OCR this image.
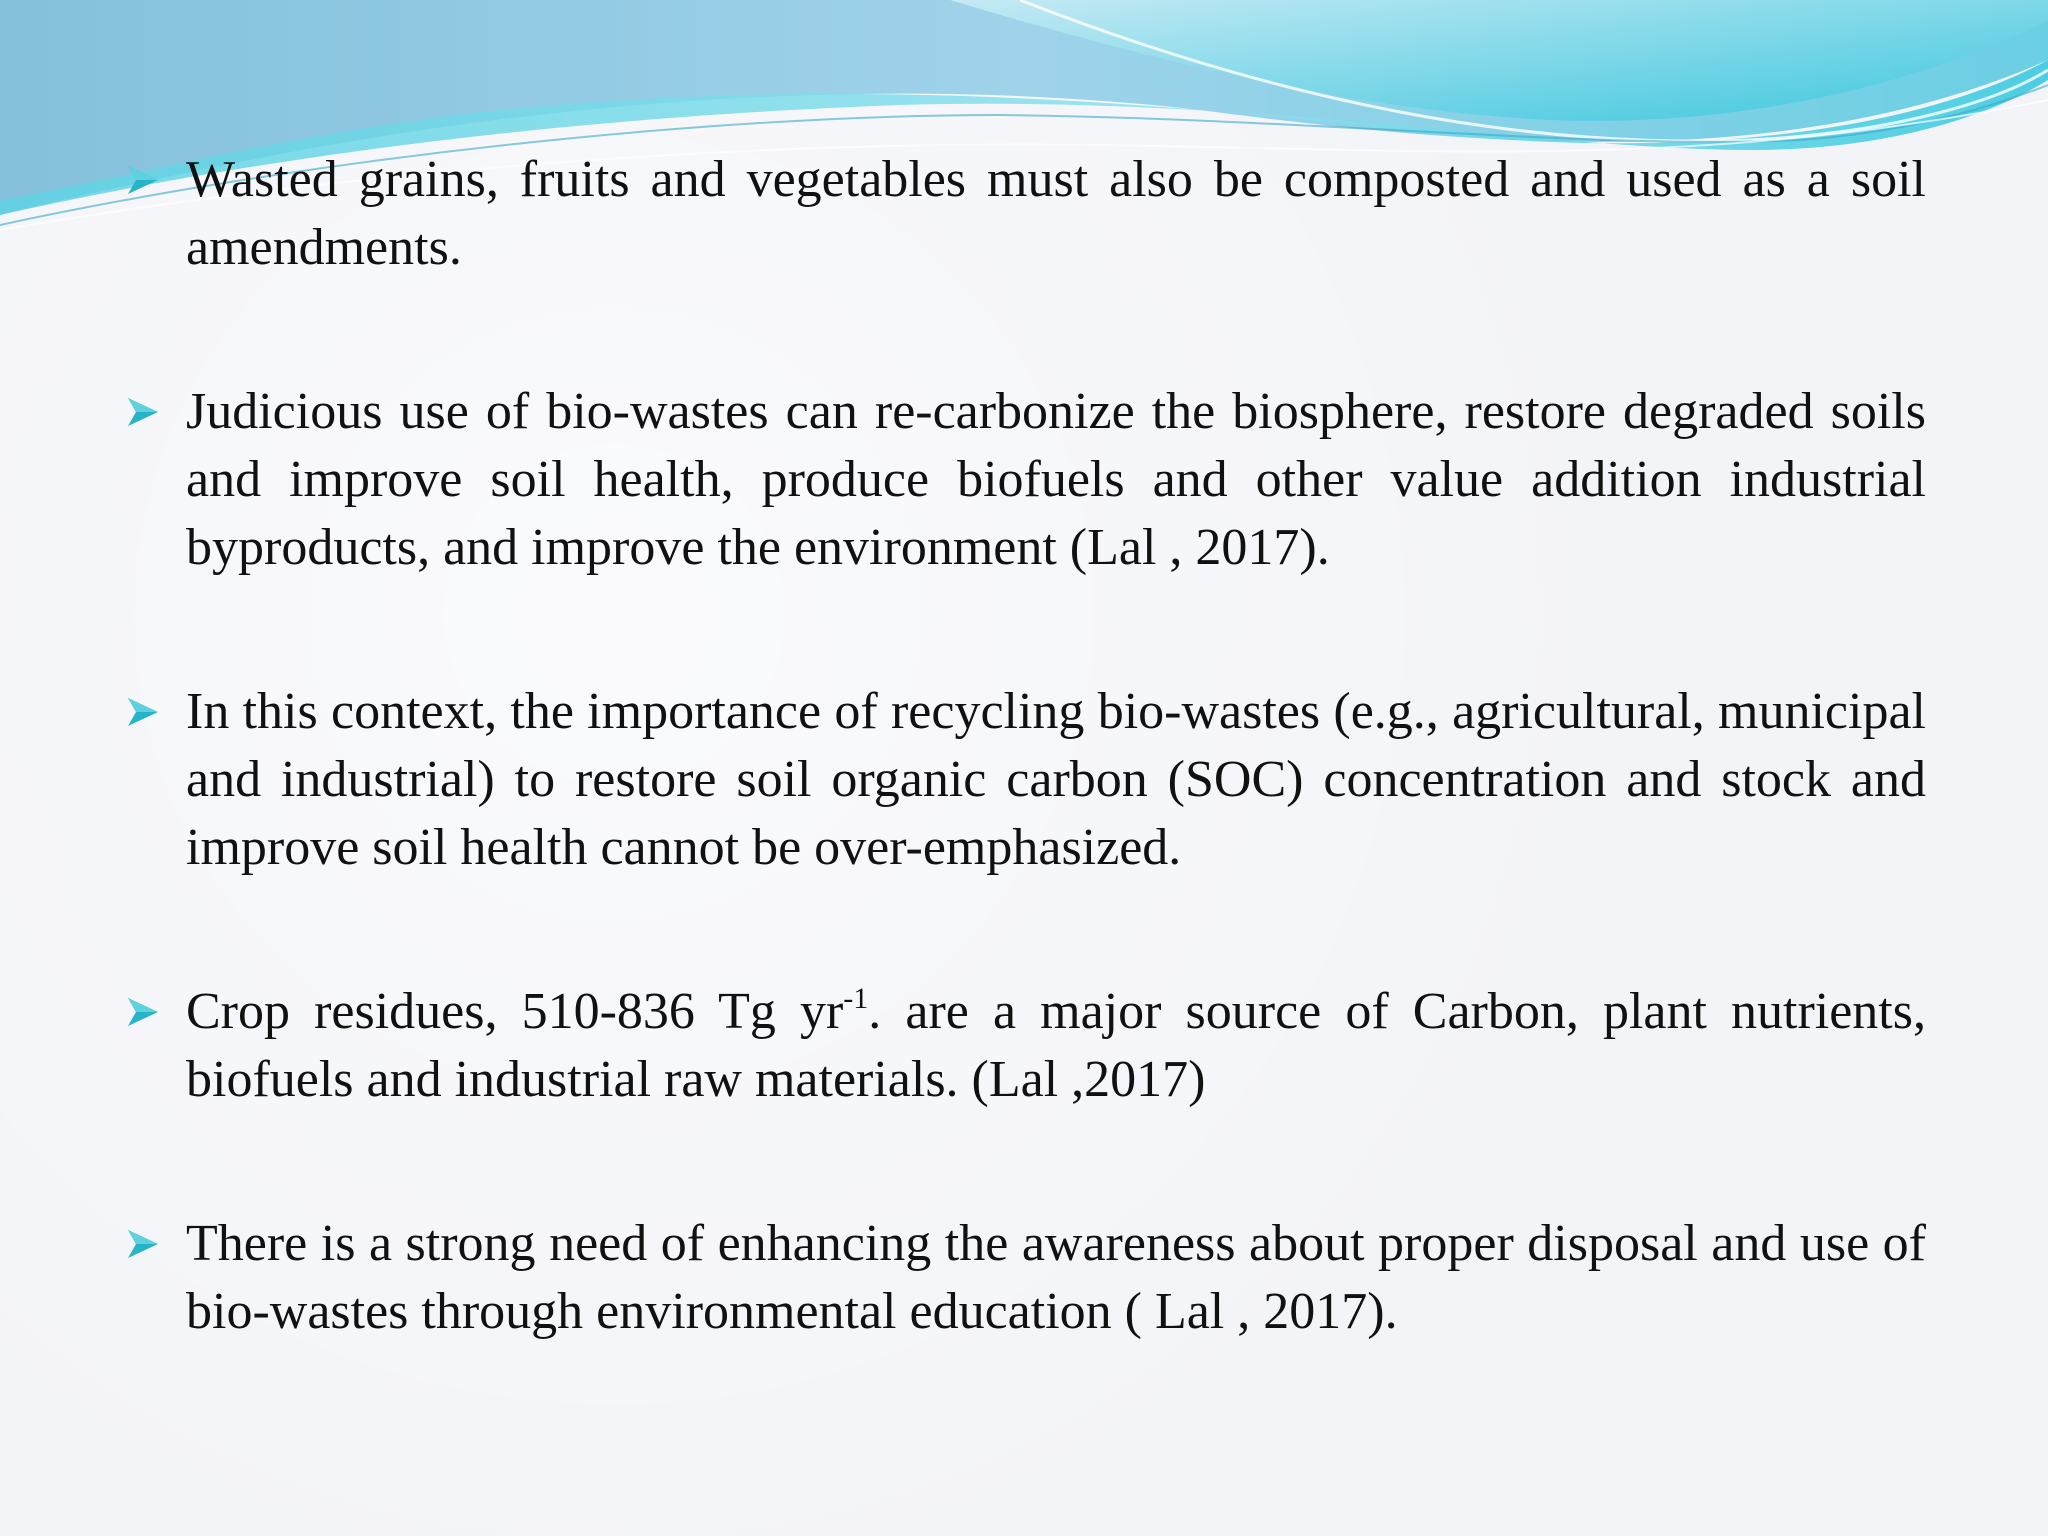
Wasted grains, fruits and vegetables must also be composted and used as a soil amendments.
Judicious use of bio-wastes can re-carbonize the biosphere, restore degraded soils and improve soil health, produce biofuels and other value addition industrial byproducts, and improve the environment (Lal , 2017).
In this context, the importance of recycling bio-wastes (e.g., agricultural, municipal and industrial) to restore soil organic carbon (SOC) concentration and stock and improve soil health cannot be over-emphasized.
Crop residues, 510-836 Tg $yr^{-1}$. are a major source of Carbon, plant nutrients, biofuels and industrial raw materials. (Lal ,2017)
There is a strong need of enhancing the awareness about proper disposal and use of bio-wastes through environmental education ( Lal , 2017).
